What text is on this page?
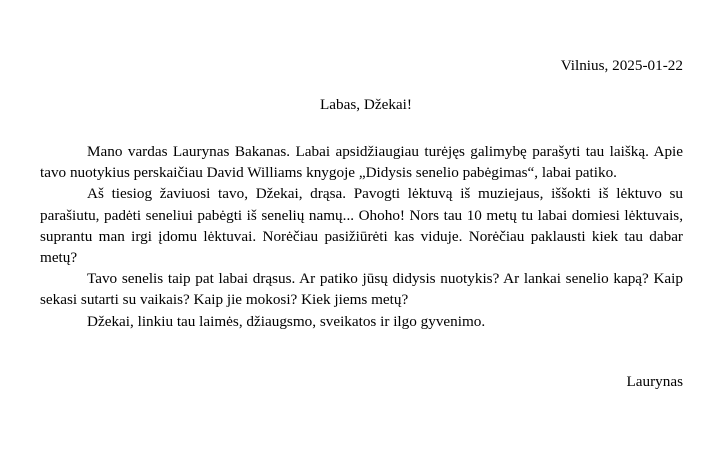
Vilnius, 2025-01-22
Labas, Džekai!

Mano vardas Laurynas Bakanas. Labai apsidžiaugiau turėjęs galimybę parašyti tau laišką. Apie tavo nuotykius perskaičiau David Williams knygoje „Didysis senelio pabėgimas“, labai patiko.

Aš tiesiog žaviuosi tavo, Džekai, drąsa. Pavogti lėktuvą iš muziejaus, iššokti iš lėktuvo su parašiutu, padėti seneliui pabėgti iš senelių namų... Ohoho! Nors tau 10 metų tu labai domiesi lėktuvais, suprantu man irgi įdomu lėktuvai. Norėčiau pasižiūrėti kas viduje. Norėčiau paklausti kiek tau dabar metų?

Tavo senelis taip pat labai drąsus. Ar patiko jūsų didysis nuotykis? Ar lankai senelio kapą? Kaip sekasi sutarti su vaikais? Kaip jie mokosi? Kiek jiems metų?

Džekai, linkiu tau laimės, džiaugsmo, sveikatos ir ilgo gyvenimo.

Laurynas
